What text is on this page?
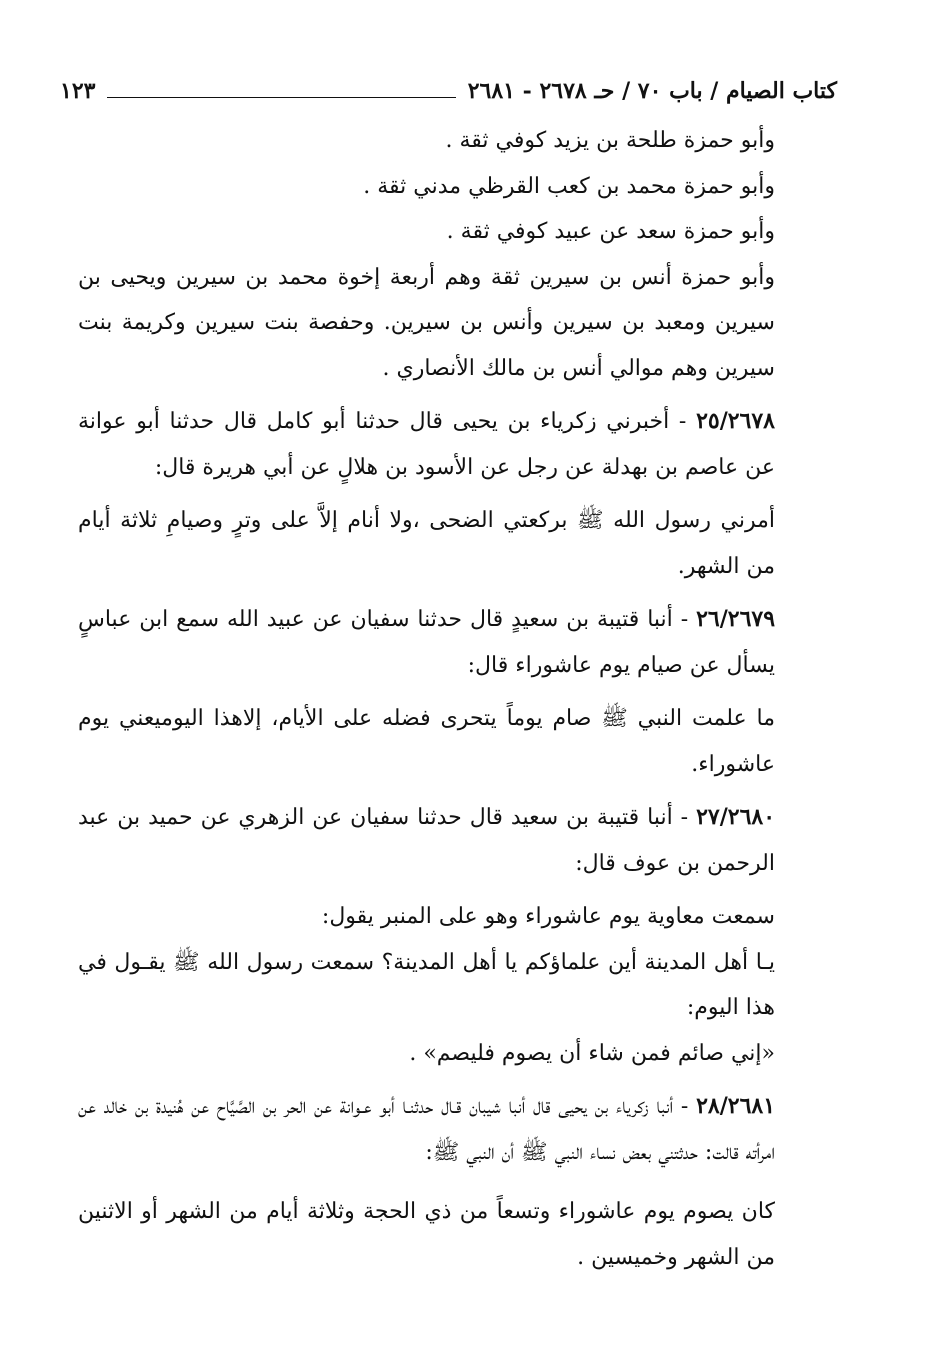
كتاب الصيام / باب ٧٠ / حـ ٢٦٧٨ - ٢٦٨١
١٢٣

وأبو حمزة طلحة بن يزيد كوفي ثقة .

وأبو حمزة محمد بن كعب القرظي مدني ثقة .

وأبو حمزة سعد عن عبيد كوفي ثقة .

وأبو حمزة أنس بن سيرين ثقة وهم أربعة إخوة محمد بن سيرين ويحيى بن سيرين ومعبد بن سيرين وأنس بن سيرين. وحفصة بنت سيرين وكريمة بنت سيرين وهم موالي أنس بن مالك الأنصاري .

٢٥/٢٦٧٨ - أخبرني زكرياء بن يحيى قال حدثنا أبو كامل قال حدثنا أبو عوانة عن عاصم بن بهدلة عن رجل عن الأسود بن هلالٍ عن أبي هريرة قال:

أمرني رسول الله ﷺ بركعتي الضحى ،ولا أنام إلاَّ على وترٍ وصيامِ ثلاثة أيام من الشهر.

٢٦/٢٦٧٩ - أنبا قتيبة بن سعيدٍ قال حدثنا سفيان عن عبيد الله سمع ابن عباسٍ يسأل عن صيام يوم عاشوراء قال:

ما علمت النبي ﷺ صام يوماً يتحرى فضله على الأيام، إلاهذا اليوميعني يوم عاشوراء.

٢٧/٢٦٨٠ - أنبا قتيبة بن سعيد قال حدثنا سفيان عن الزهري عن حميد بن عبد الرحمن بن عوف قال:

سمعت معاوية يوم عاشوراء وهو على المنبر يقول:

يـا أهل المدينة أين علماؤكم يا أهل المدينة؟ سمعت رسول الله ﷺ يقـول في هذا اليوم:

«إني صائم فمن شاء أن يصوم فليصم» .

٢٨/٢٦٨١ - أنبا زكرياء بن يحيى قال أنبا شيبان قـال حدثنـا أبو عـوانة عن الحر بن الصَّيَّاح عن هُنيدة بن خالد عن امرأته قالت: حدثتني بعض نساء النبي ﷺ أن النبي ﷺ:

كان يصوم يوم عاشوراء وتسعاً من ذي الحجة وثلاثة أيام من الشهر أو الاثنين من الشهر وخميسين .
